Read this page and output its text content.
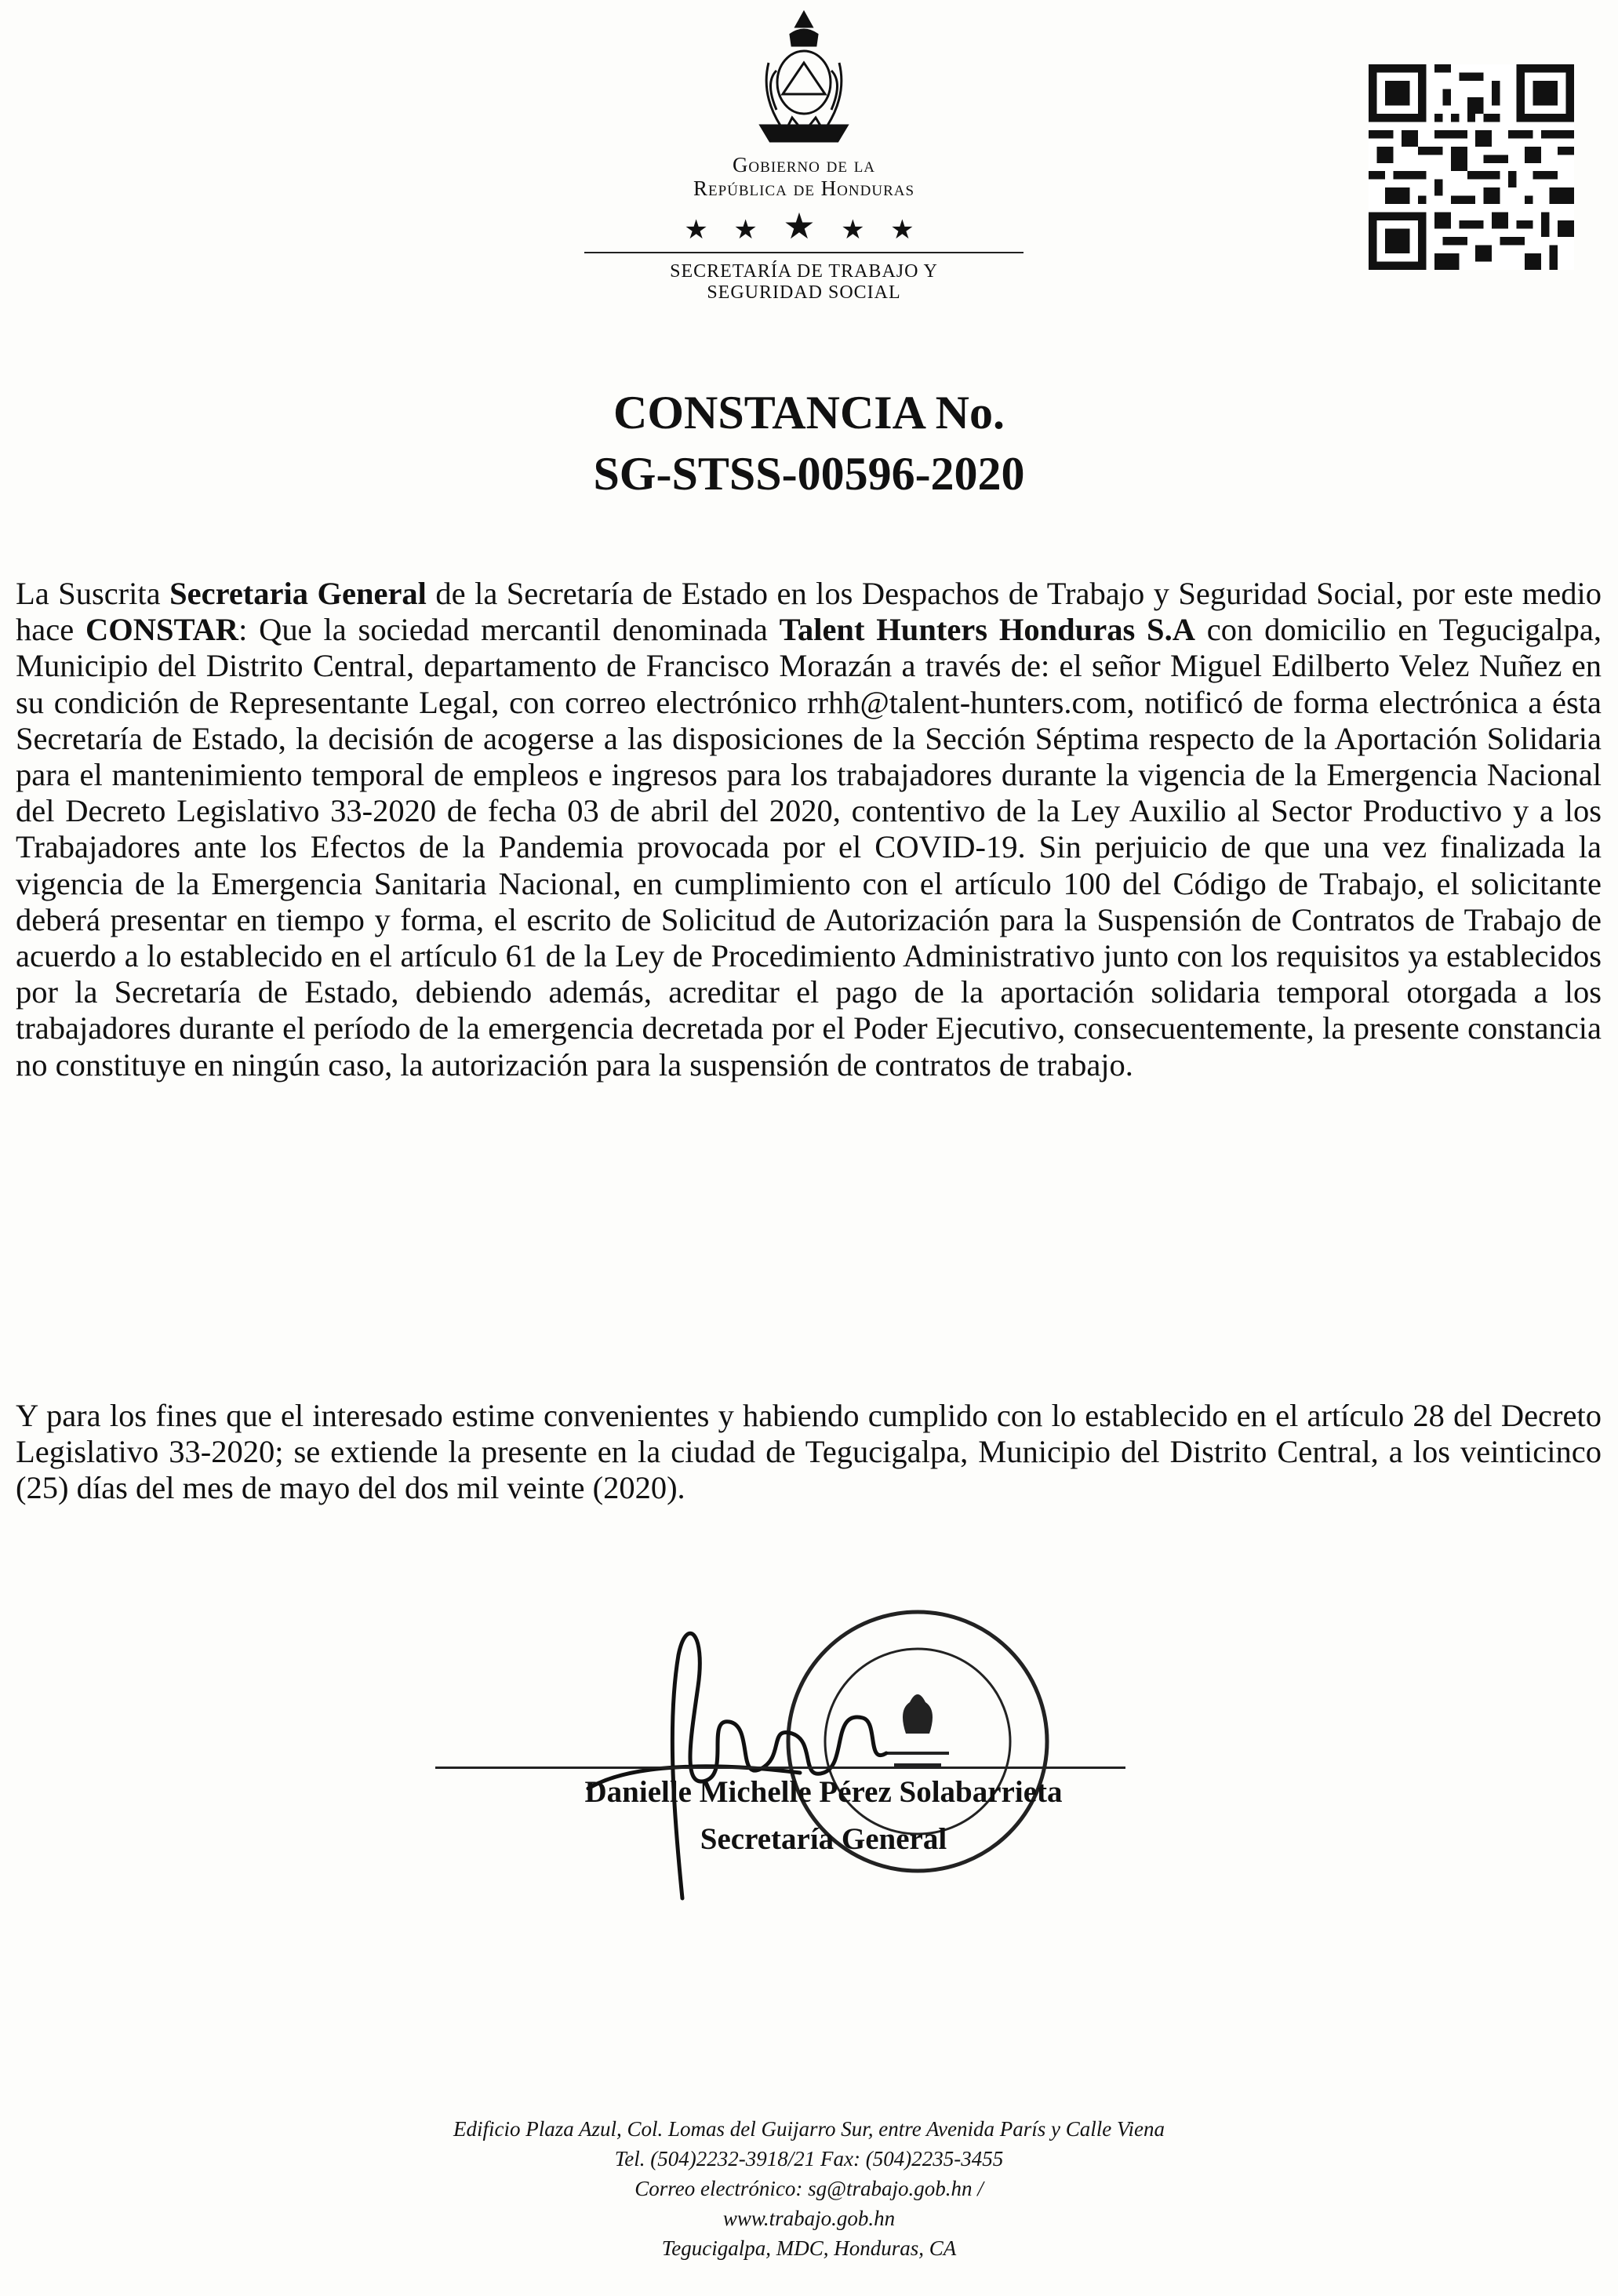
Gobierno de la
República de Honduras
★ ★ ★ ★ ★
SECRETARÍA DE TRABAJO Y
SEGURIDAD SOCIAL
CONSTANCIA No.
SG-STSS-00596-2020

La Suscrita Secretaria General de la Secretaría de Estado en los Despachos de Trabajo y Seguridad Social, por este medio hace CONSTAR: Que la sociedad mercantil denominada Talent Hunters Honduras S.A con domicilio en Tegucigalpa, Municipio del Distrito Central, departamento de Francisco Morazán a través de: el señor Miguel Edilberto Velez Nuñez en su condición de Representante Legal, con correo electrónico rrhh@talent-hunters.com, notificó de forma electrónica a ésta Secretaría de Estado, la decisión de acogerse a las disposiciones de la Sección Séptima respecto de la Aportación Solidaria para el mantenimiento temporal de empleos e ingresos para los trabajadores durante la vigencia de la Emergencia Nacional del Decreto Legislativo 33-2020 de fecha 03 de abril del 2020, contentivo de la Ley Auxilio al Sector Productivo y a los Trabajadores ante los Efectos de la Pandemia provocada por el COVID-19. Sin perjuicio de que una vez finalizada la vigencia de la Emergencia Sanitaria Nacional, en cumplimiento con el artículo 100 del Código de Trabajo, el solicitante deberá presentar en tiempo y forma, el escrito de Solicitud de Autorización para la Suspensión de Contratos de Trabajo de acuerdo a lo establecido en el artículo 61 de la Ley de Procedimiento Administrativo junto con los requisitos ya establecidos por la Secretaría de Estado, debiendo además, acreditar el pago de la aportación solidaria temporal otorgada a los trabajadores durante el período de la emergencia decretada por el Poder Ejecutivo, consecuentemente, la presente constancia no constituye en ningún caso, la autorización para la suspensión de contratos de trabajo.

Y para los fines que el interesado estime convenientes y habiendo cumplido con lo establecido en el artículo 28 del Decreto Legislativo 33-2020; se extiende la presente en la ciudad de Tegucigalpa, Municipio del Distrito Central, a los veinticinco (25) días del mes de mayo del dos mil veinte (2020).

Danielle Michelle Pérez Solabarrieta
Secretaría General
Edificio Plaza Azul, Col. Lomas del Guijarro Sur, entre Avenida París y Calle Viena
Tel. (504)2232-3918/21 Fax: (504)2235-3455
Correo electrónico: sg@trabajo.gob.hn /
www.trabajo.gob.hn
Tegucigalpa, MDC, Honduras, CA
